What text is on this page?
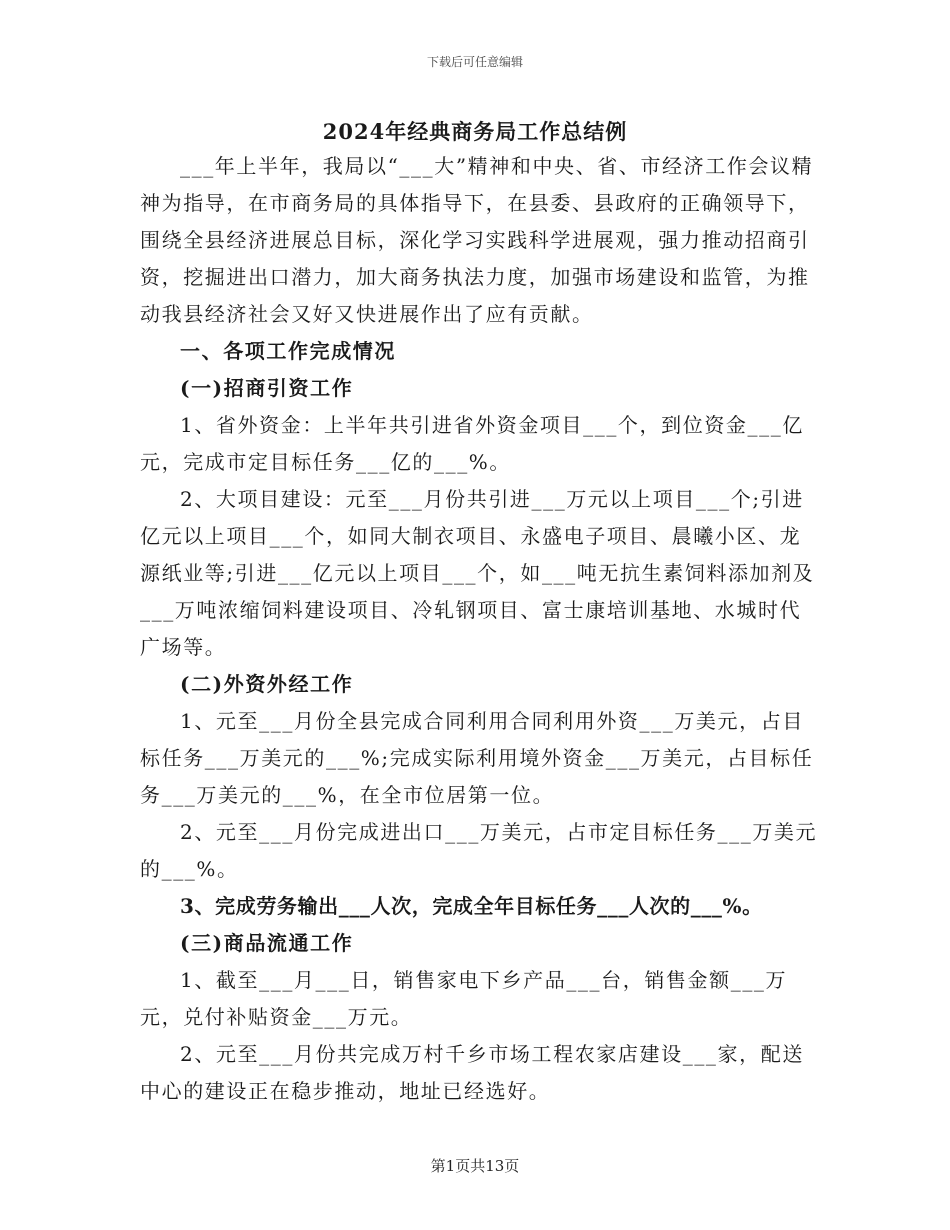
下载后可任意编辑
2024年经典商务局工作总结例

___年上半年，我局以“___大”精神和中央、省、市经济工作会议精神为指导，在市商务局的具体指导下，在县委、县政府的正确领导下，围绕全县经济进展总目标，深化学习实践科学进展观，强力推动招商引资，挖掘进出口潜力，加大商务执法力度，加强市场建设和监管，为推动我县经济社会又好又快进展作出了应有贡献。

一、各项工作完成情况

(一)招商引资工作

1、省外资金：上半年共引进省外资金项目___个，到位资金___亿元，完成市定目标任务___亿的___%。

2、大项目建设：元至___月份共引进___万元以上项目___个;引进亿元以上项目___个，如同大制衣项目、永盛电子项目、晨曦小区、龙源纸业等;引进___亿元以上项目___个，如___吨无抗生素饲料添加剂及___万吨浓缩饲料建设项目、冷轧钢项目、富士康培训基地、水城时代广场等。

(二)外资外经工作

1、元至___月份全县完成合同利用合同利用外资___万美元，占目标任务___万美元的___%;完成实际利用境外资金___万美元，占目标任务___万美元的___%，在全市位居第一位。

2、元至___月份完成进出口___万美元，占市定目标任务___万美元的___%。

3、完成劳务输出___人次，完成全年目标任务___人次的___%。

(三)商品流通工作

1、截至___月___日，销售家电下乡产品___台，销售金额___万元，兑付补贴资金___万元。

2、元至___月份共完成万村千乡市场工程农家店建设___家，配送中心的建设正在稳步推动，地址已经选好。

第1页共13页
